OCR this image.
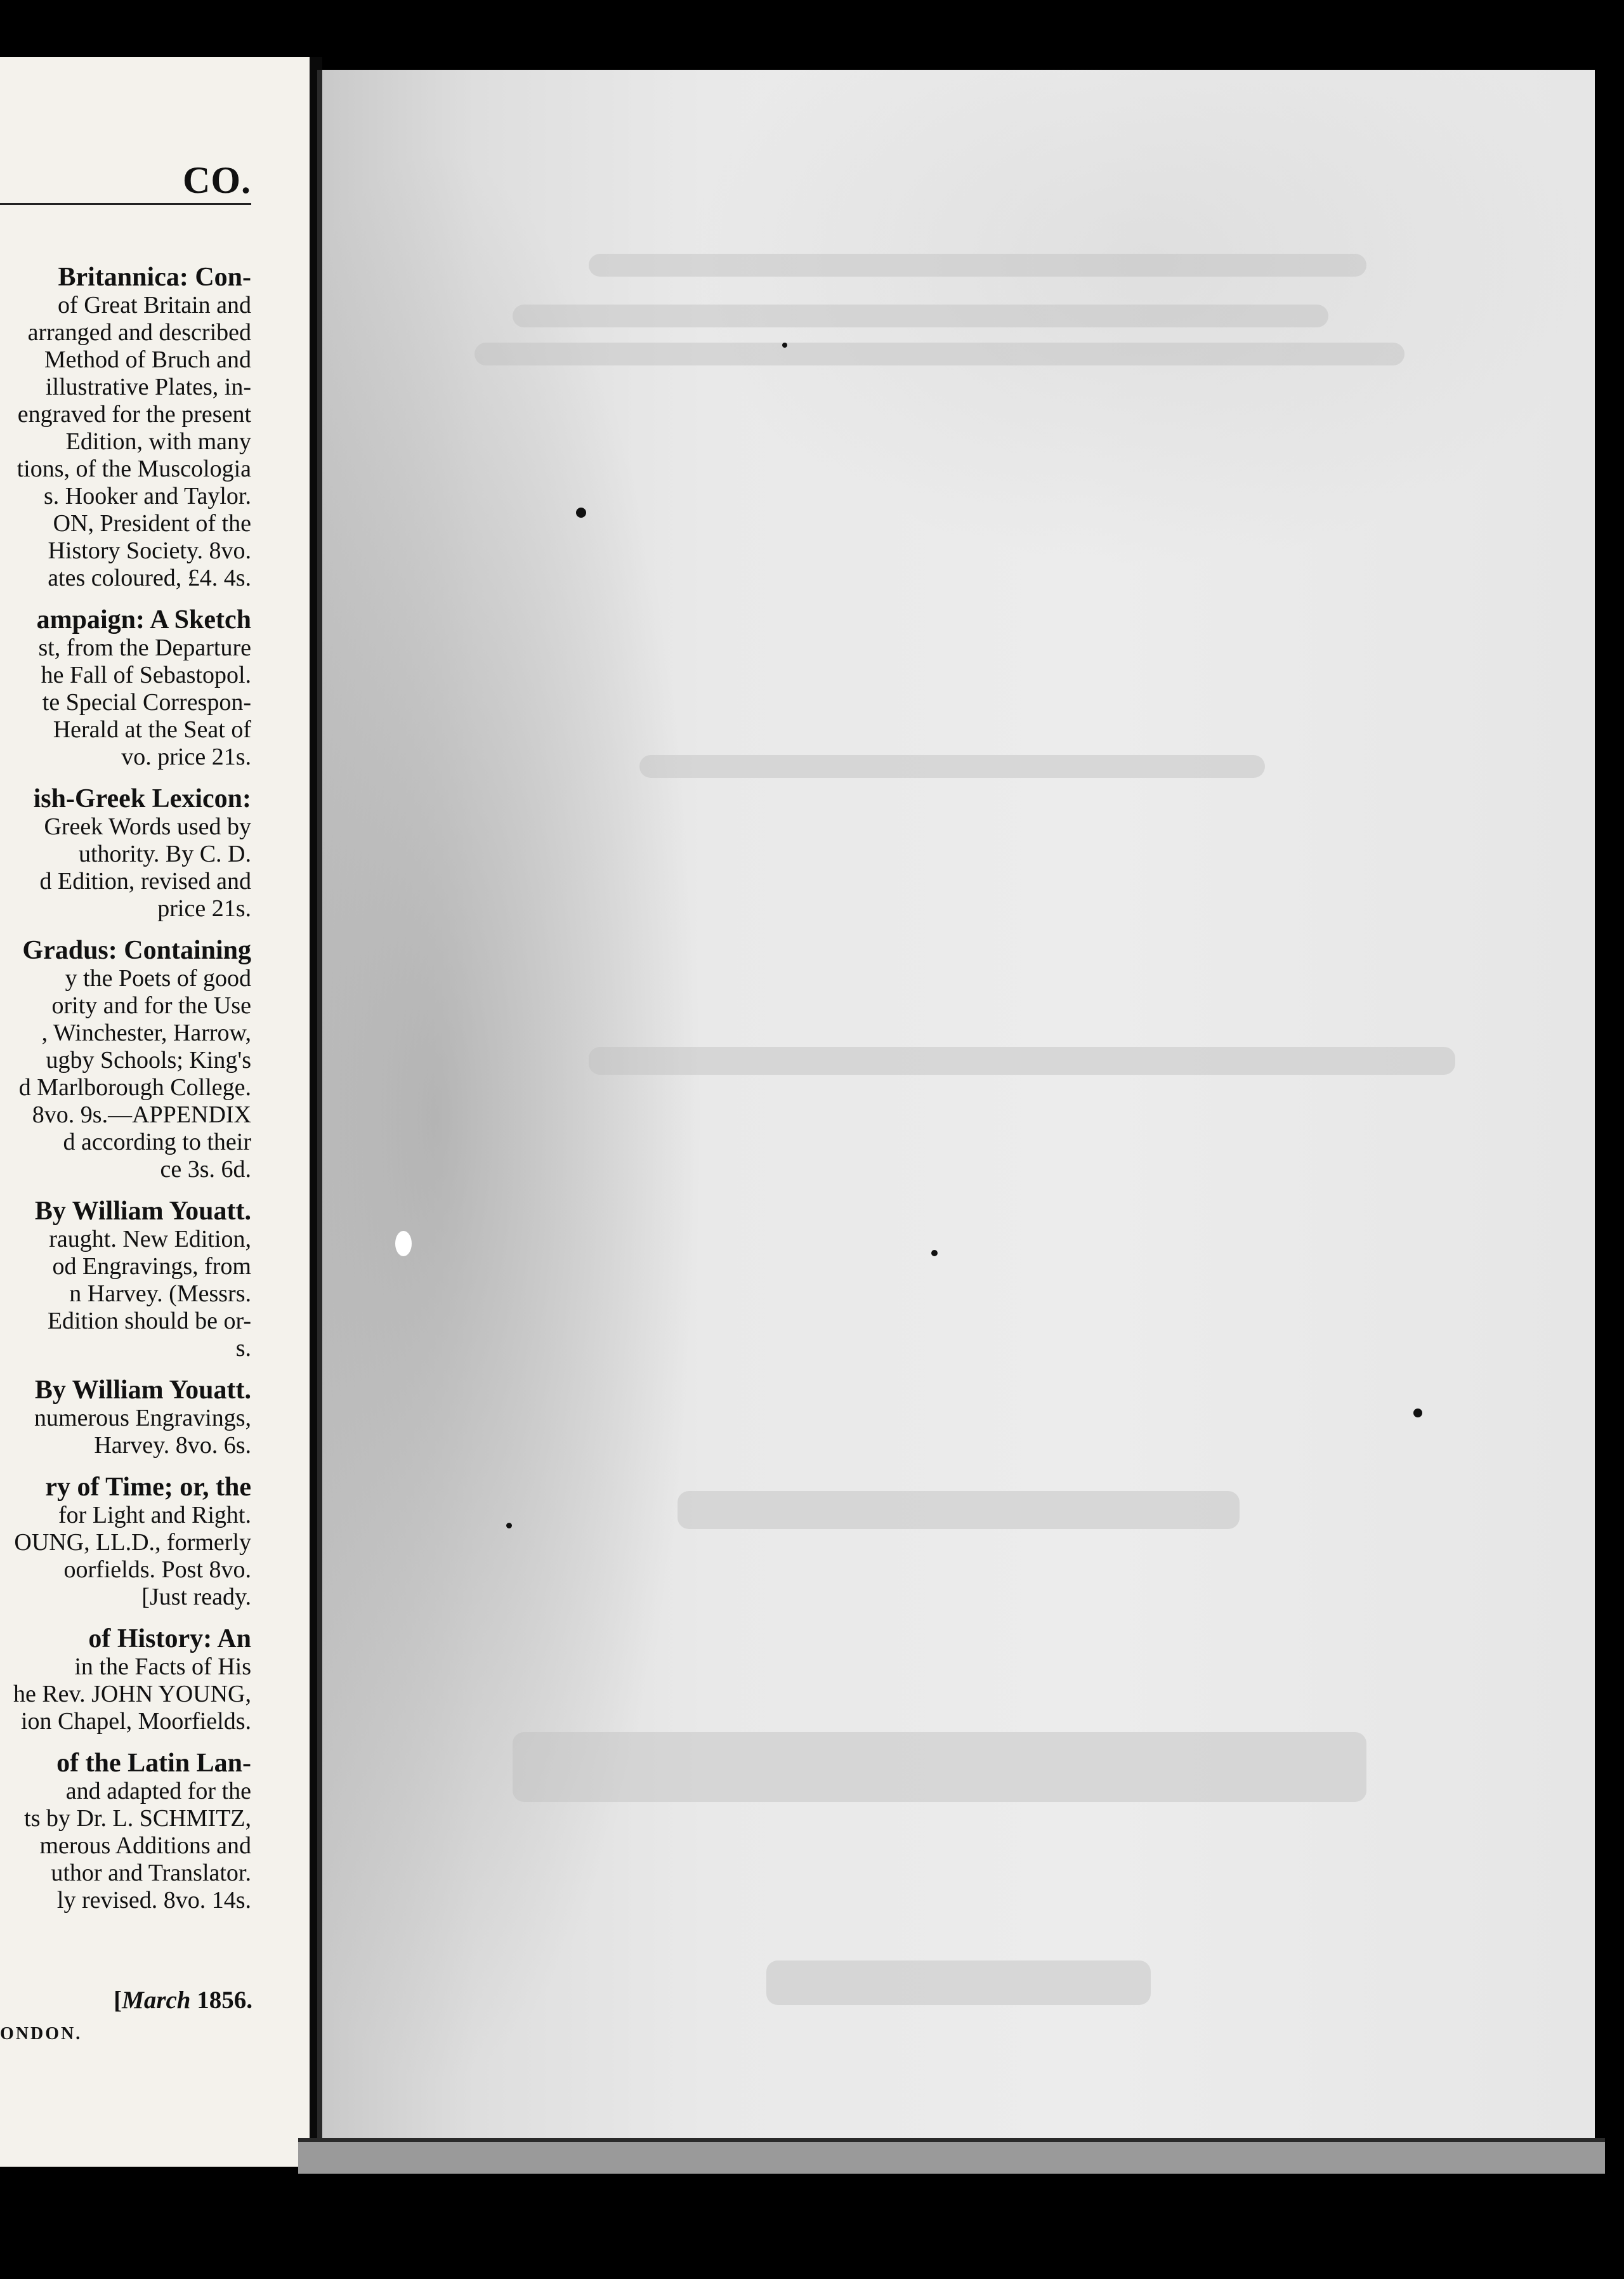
CO.
Britannica: Con-
of Great Britain and
arranged and described
Method of Bruch and
illustrative Plates, in-
engraved for the present
Edition, with many
tions, of the Muscologia
s. Hooker and Taylor.
ON, President of the
History Society. 8vo.
ates coloured, £4. 4s.
ampaign: A Sketch
st, from the Departure
he Fall of Sebastopol.
te Special Correspon-
Herald at the Seat of
vo. price 21s.
ish-Greek Lexicon:
Greek Words used by
uthority. By C. D.
d Edition, revised and
price 21s.
Gradus: Containing
y the Poets of good
ority and for the Use
, Winchester, Harrow,
ugby Schools; King's
d Marlborough College.
8vo. 9s.—APPENDIX
d according to their
ce 3s. 6d.
By William Youatt.
raught. New Edition,
od Engravings, from
n Harvey. (Messrs.
Edition should be or-
s.
By William Youatt.
numerous Engravings,
Harvey. 8vo. 6s.
ry of Time; or, the
for Light and Right.
OUNG, LL.D., formerly
oorfields. Post 8vo.
[Just ready.
of History: An
in the Facts of His
he Rev. JOHN YOUNG,
ion Chapel, Moorfields.
of the Latin Lan-
and adapted for the
ts by Dr. L. SCHMITZ,
merous Additions and
uthor and Translator.
ly revised. 8vo. 14s.
[March 1856.
ONDON.
